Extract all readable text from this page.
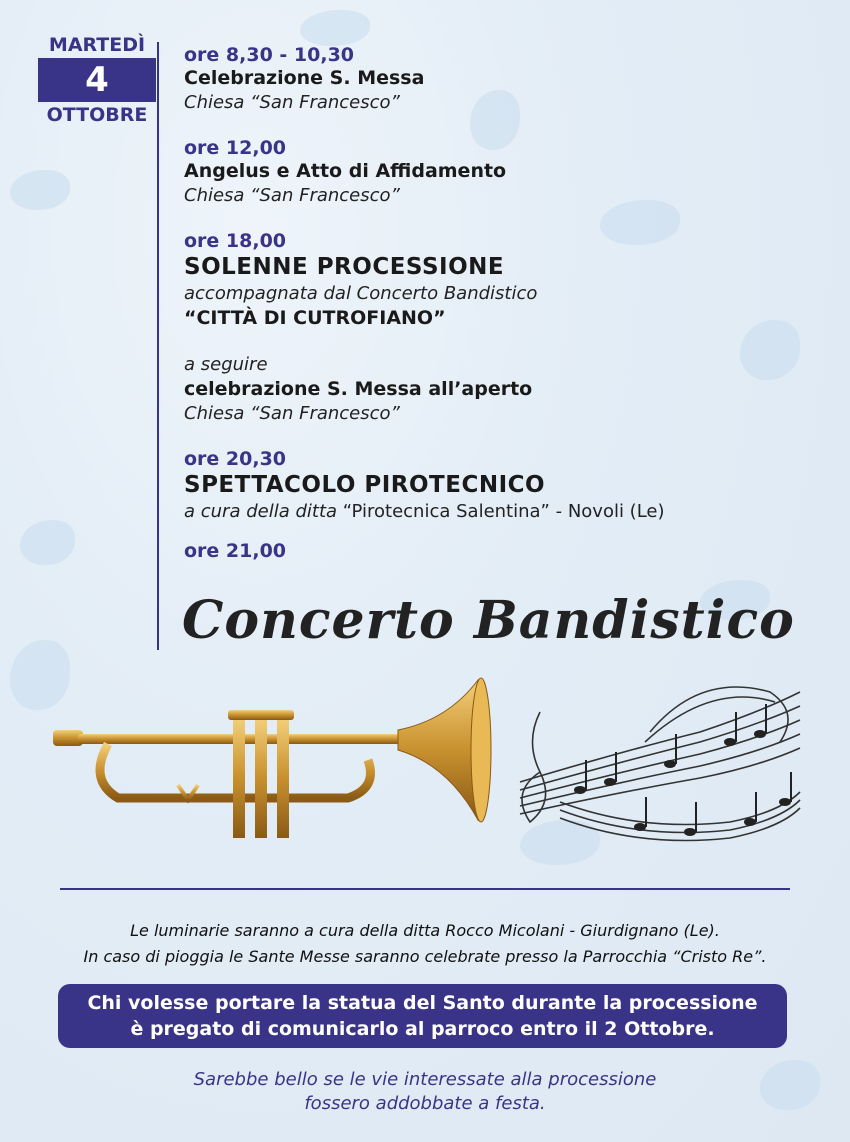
MARTEDÌ
4
OTTOBRE
ore 8,30 - 10,30
Celebrazione S. Messa
Chiesa “San Francesco”
ore 12,00
Angelus e Atto di Affidamento
Chiesa “San Francesco”
ore 18,00
SOLENNE PROCESSIONE
accompagnata dal Concerto Bandistico
“CITTÀ DI CUTROFIANO”
a seguire
celebrazione S. Messa all’aperto
Chiesa “San Francesco”
ore 20,30
SPETTACOLO PIROTECNICO
a cura della ditta “Pirotecnica Salentina” - Novoli (Le)
ore 21,00
Concerto Bandistico
Le luminarie saranno a cura della ditta Rocco Micolani - Giurdignano (Le).
In caso di pioggia le Sante Messe saranno celebrate presso la Parrocchia “Cristo Re”.
Chi volesse portare la statua del Santo durante la processione
è pregato di comunicarlo al parroco entro il 2 Ottobre.
Sarebbe bello se le vie interessate alla processione
fossero addobbate a festa.
